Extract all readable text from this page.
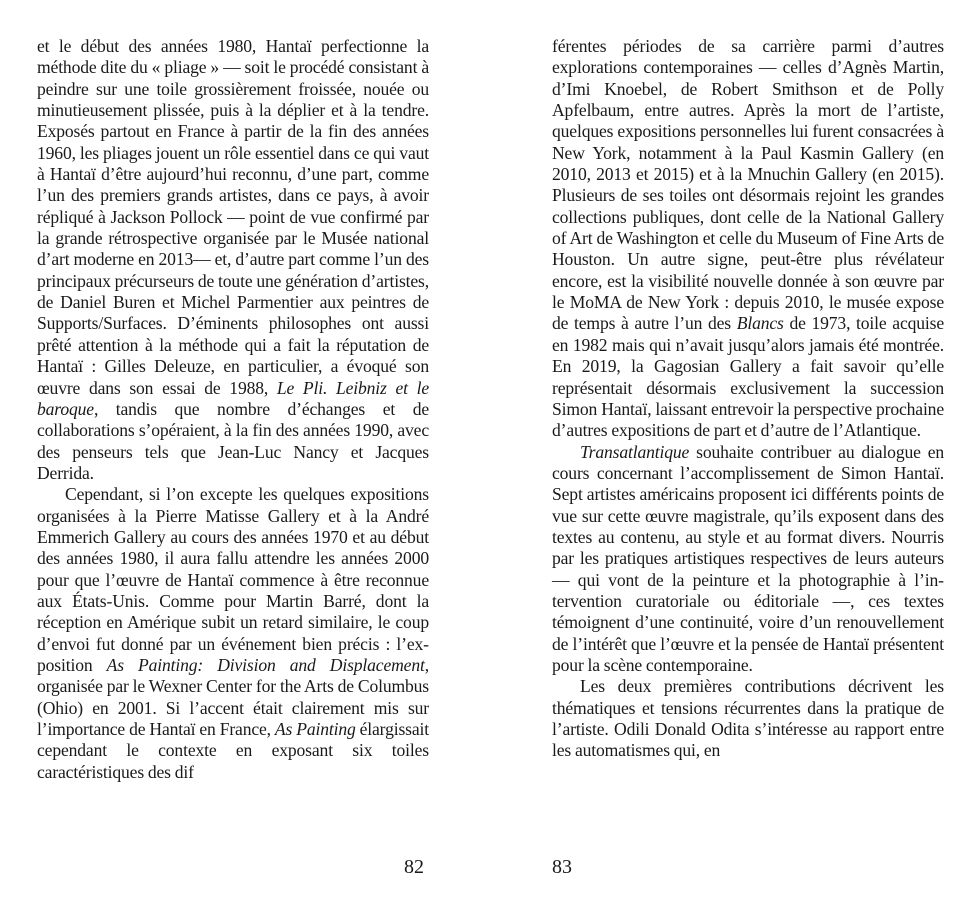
et le début des années 1980, Hantaï perfectionne la méthode dite du « pliage » — soit le procédé consistant à peindre sur une toile grossièrement froissée, nouée ou minutieusement plissée, puis à la déplier et à la tendre. Exposés partout en France à partir de la fin des années 1960, les pliages jouent un rôle essentiel dans ce qui vaut à Hantaï d’être aujourd’hui reconnu, d’une part, comme l’un des premiers grands artistes, dans ce pays, à avoir répliqué à Jackson Pollock — point de vue confirmé par la grande rétrospective organisée par le Musée national d’art moderne en 2013— et, d’autre part comme l’un des principaux précurseurs de toute une génération d’artistes, de Daniel Buren et Michel Parmentier aux peintres de Supports/Surfaces. D’éminents philosophes ont aussi prêté attention à la méthode qui a fait la réputation de Hantaï : Gilles Deleuze, en particulier, a évoqué son œuvre dans son essai de 1988, Le Pli. Leibniz et le baroque, tandis que nombre d’échanges et de collaborations s’opéraient, à la fin des années 1990, avec des penseurs tels que Jean-Luc Nancy et Jacques Derrida.

Cependant, si l’on excepte les quelques expositions organisées à la Pierre Matisse Gallery et à la André Emmerich Gallery au cours des années 1970 et au début des années 1980, il aura fallu attendre les années 2000 pour que l’œuvre de Hantaï commence à être reconnue aux États-Unis. Comme pour Martin Barré, dont la réception en Amérique subit un retard similaire, le coup d’envoi fut donné par un événement bien précis : l’exposition As Painting: Division and Displacement, organisée par le Wexner Center for the Arts de Columbus (Ohio) en 2001. Si l’accent était clairement mis sur l’importance de Hantaï en France, As Painting élargissait cependant le contexte en exposant six toiles caractéristiques des dif

82

férentes périodes de sa carrière parmi d’autres explorations contemporaines — celles d’Agnès Martin, d’Imi Knoebel, de Robert Smithson et de Polly Apfelbaum, entre autres. Après la mort de l’artiste, quelques expositions personnelles lui furent consacrées à New York, notamment à la Paul Kasmin Gallery (en 2010, 2013 et 2015) et à la Mnuchin Gallery (en 2015). Plusieurs de ses toiles ont désormais rejoint les grandes collections publiques, dont celle de la National Gallery of Art de Washington et celle du Museum of Fine Arts de Houston. Un autre signe, peut-être plus révélateur encore, est la visibilité nouvelle donnée à son œuvre par le MoMA de New York : depuis 2010, le musée expose de temps à autre l’un des Blancs de 1973, toile acquise en 1982 mais qui n’avait jusqu’alors jamais été montrée. En 2019, la Gagosian Gallery a fait savoir qu’elle représentait désormais exclusivement la succession Simon Hantaï, laissant entrevoir la perspective prochaine d’autres expositions de part et d’autre de l’Atlantique.

Transatlantique souhaite contribuer au dialogue en cours concernant l’accomplissement de Simon Hantaï. Sept artistes américains proposent ici différents points de vue sur cette œuvre magistrale, qu’ils exposent dans des textes au contenu, au style et au format divers. Nourris par les pratiques artistiques respectives de leurs auteurs — qui vont de la peinture et la photographie à l’intervention curatoriale ou éditoriale —, ces textes témoignent d’une continuité, voire d’un renouvellement de l’intérêt que l’œuvre et la pensée de Hantaï présentent pour la scène contemporaine.

Les deux premières contributions décrivent les thématiques et tensions récurrentes dans la pratique de l’artiste. Odili Donald Odita s’intéresse au rapport entre les automatismes qui, en

83
